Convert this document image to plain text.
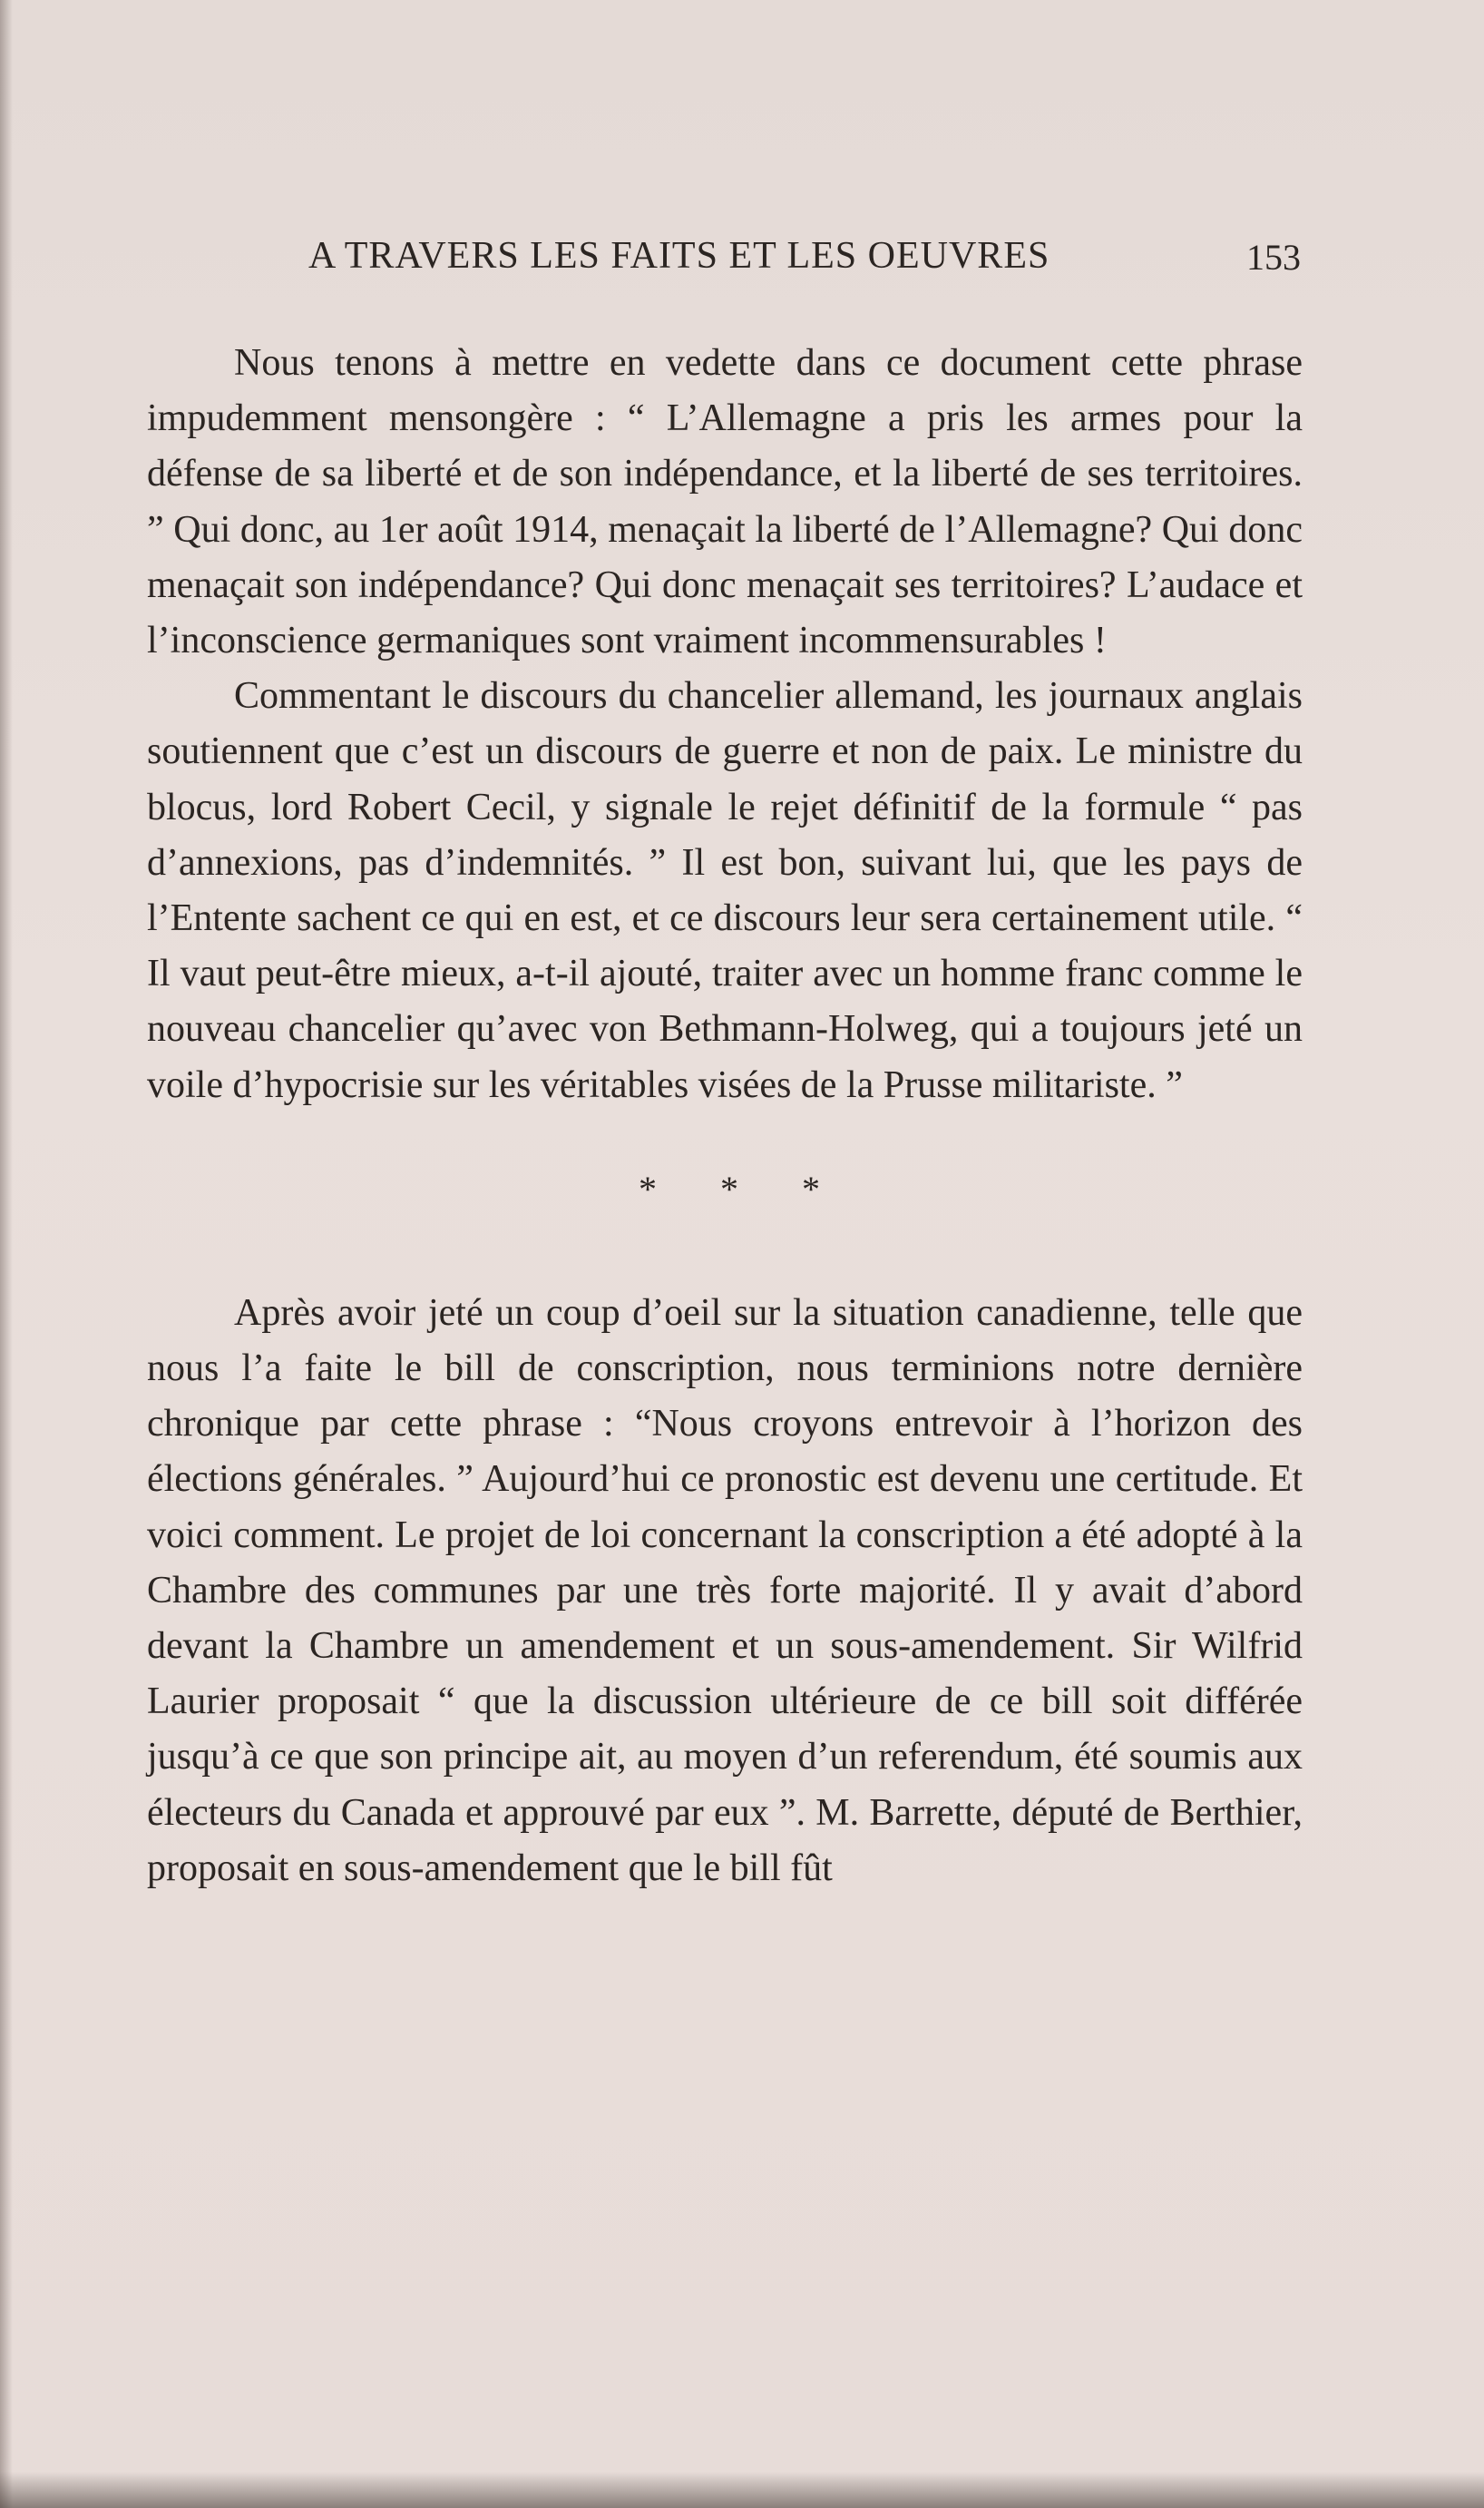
A TRAVERS LES FAITS ET LES OEUVRES	153

Nous tenons à mettre en vedette dans ce document cette phrase impudemment mensongère : “ L’Allemagne a pris les armes pour la défense de sa liberté et de son indépendance, et la liberté de ses territoires. ” Qui donc, au 1er août 1914, menaçait la liberté de l’Allemagne? Qui donc menaçait son indépendance? Qui donc menaçait ses territoires? L’audace et l’inconscience germaniques sont vraiment incommensurables !

Commentant le discours du chancelier allemand, les journaux anglais soutiennent que c’est un discours de guerre et non de paix. Le ministre du blocus, lord Robert Cecil, y signale le rejet définitif de la formule “ pas d’annexions, pas d’indemnités. ” Il est bon, suivant lui, que les pays de l’Entente sachent ce qui en est, et ce discours leur sera certainement utile. “ Il vaut peut-être mieux, a-t-il ajouté, traiter avec un homme franc comme le nouveau chancelier qu’avec von Bethmann-Holweg, qui a toujours jeté un voile d’hypocrisie sur les véritables visées de la Prusse militariste. ”

* * *

Après avoir jeté un coup d’oeil sur la situation canadienne, telle que nous l’a faite le bill de conscription, nous terminions notre dernière chronique par cette phrase : “Nous croyons entrevoir à l’horizon des élections générales. ” Aujourd’hui ce pronostic est devenu une certitude. Et voici comment. Le projet de loi concernant la conscription a été adopté à la Chambre des communes par une très forte majorité. Il y avait d’abord devant la Chambre un amendement et un sous-amendement. Sir Wilfrid Laurier proposait “ que la discussion ultérieure de ce bill soit différée jusqu’à ce que son principe ait, au moyen d’un referendum, été soumis aux électeurs du Canada et approuvé par eux ”. M. Barrette, député de Berthier, proposait en sous-amendement que le bill fût
